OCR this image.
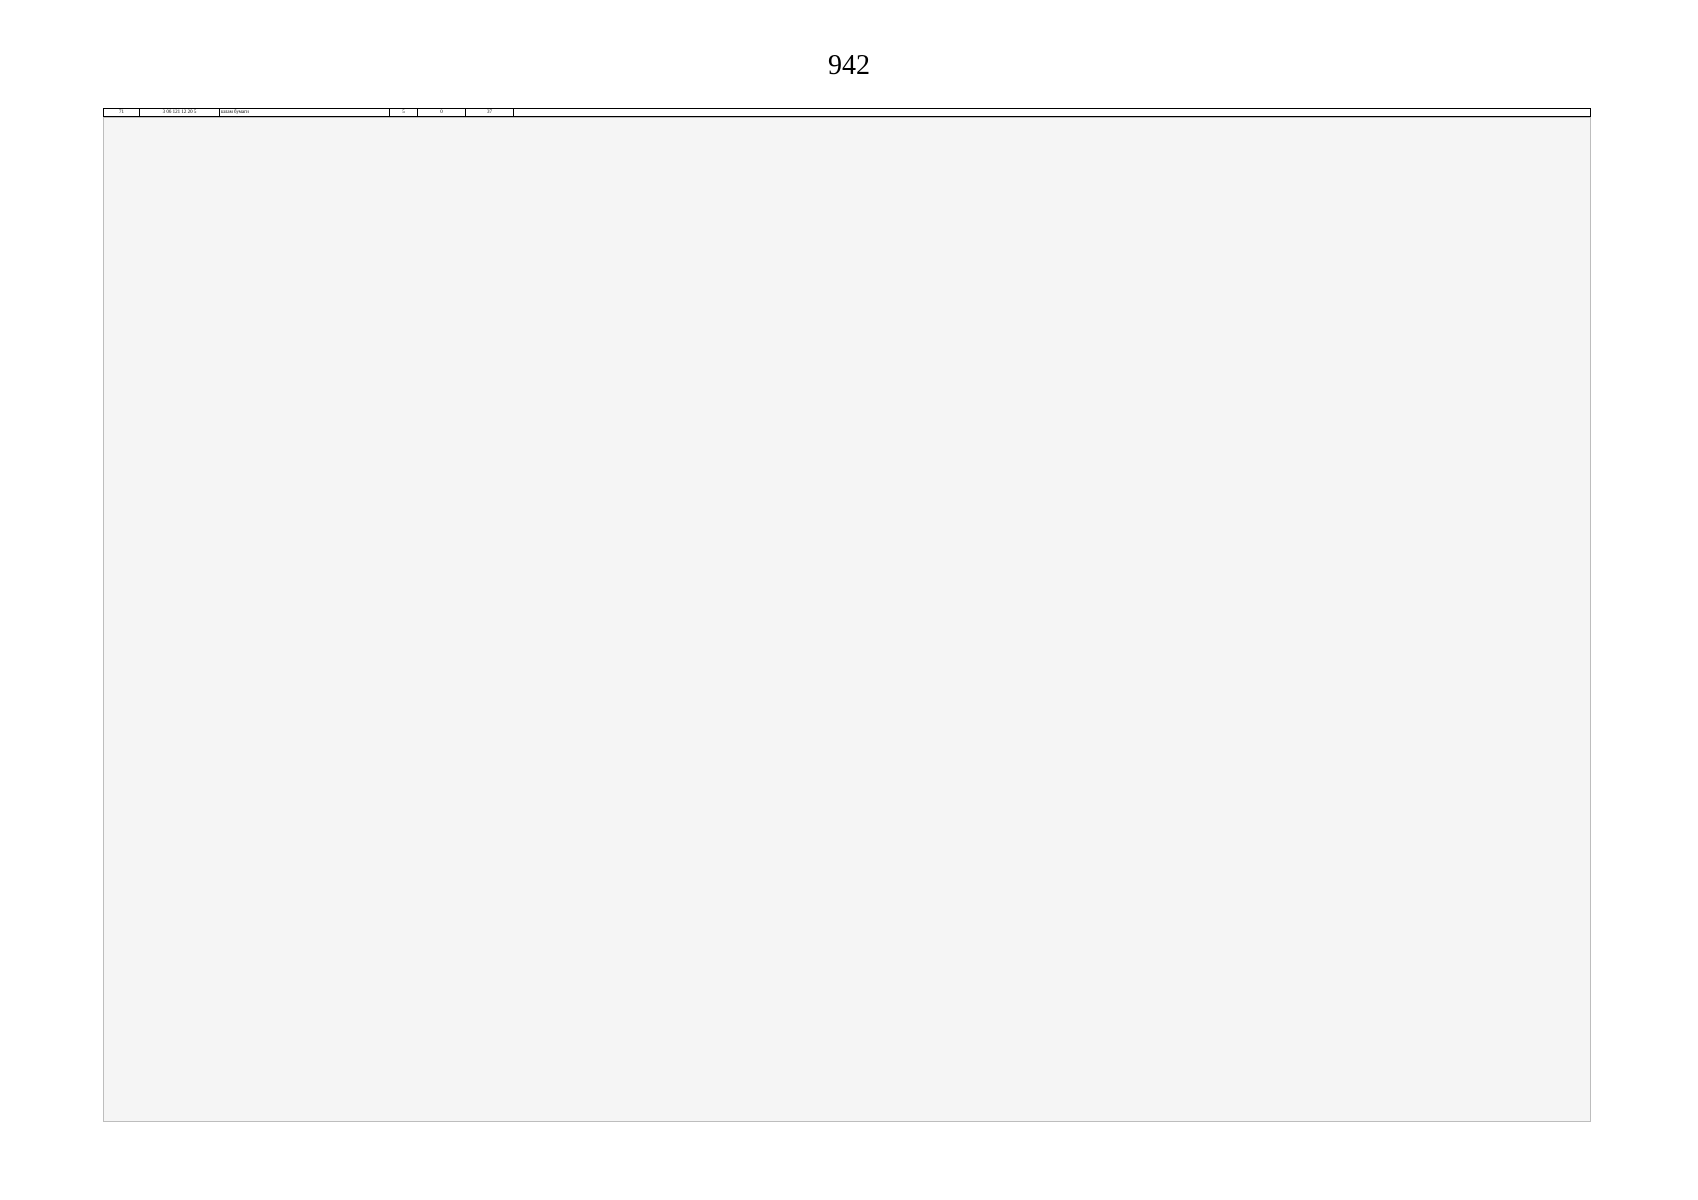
942
71	3 06 121 12 20 5	шлам бумаги	5	0	37	
